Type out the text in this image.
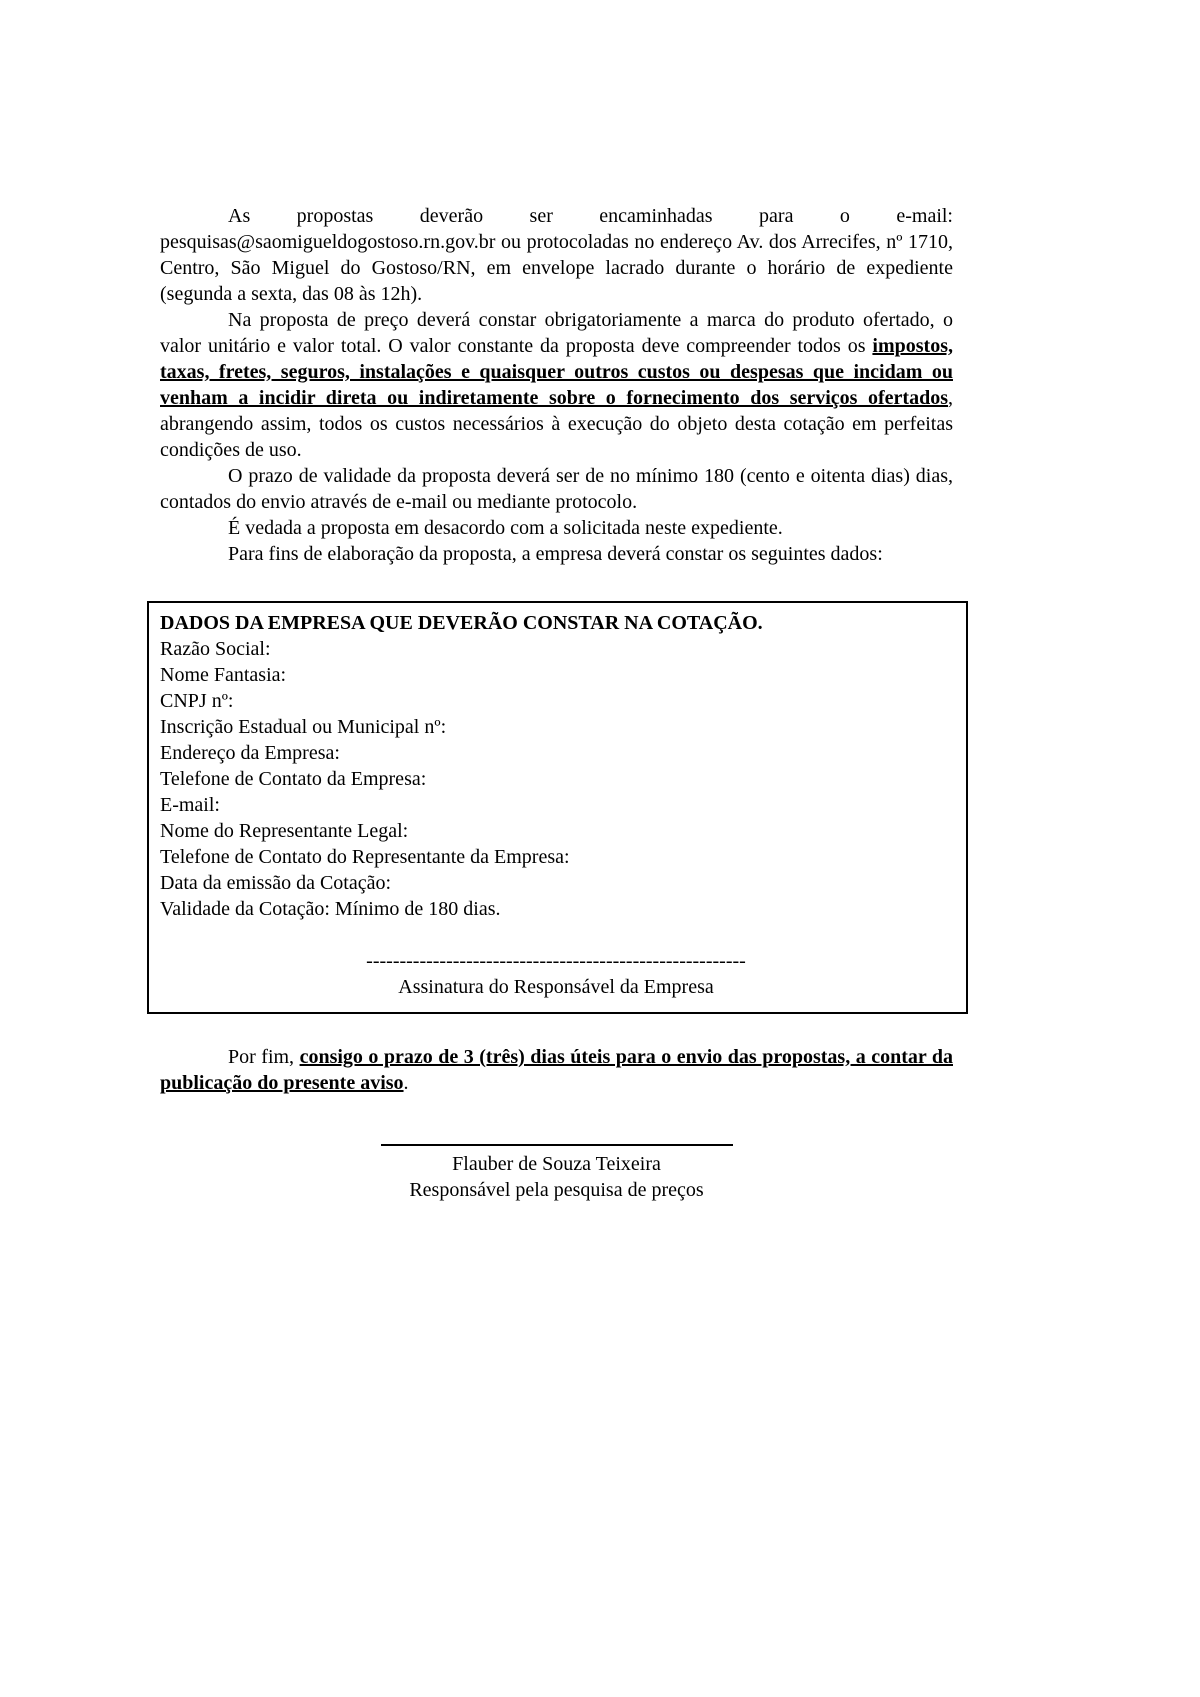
As propostas deverão ser encaminhadas para o e-mail: pesquisas@saomigueldogostoso.rn.gov.br ou protocoladas no endereço Av. dos Arrecifes, nº 1710, Centro, São Miguel do Gostoso/RN, em envelope lacrado durante o horário de expediente (segunda a sexta, das 08 às 12h).

Na proposta de preço deverá constar obrigatoriamente a marca do produto ofertado, o valor unitário e valor total. O valor constante da proposta deve compreender todos os impostos, taxas, fretes, seguros, instalações e quaisquer outros custos ou despesas que incidam ou venham a incidir direta ou indiretamente sobre o fornecimento dos serviços ofertados, abrangendo assim, todos os custos necessários à execução do objeto desta cotação em perfeitas condições de uso.

O prazo de validade da proposta deverá ser de no mínimo 180 (cento e oitenta dias) dias, contados do envio através de e-mail ou mediante protocolo.

É vedada a proposta em desacordo com a solicitada neste expediente.

Para fins de elaboração da proposta, a empresa deverá constar os seguintes dados:

DADOS DA EMPRESA QUE DEVERÃO CONSTAR NA COTAÇÃO.
Razão Social:
Nome Fantasia:
CNPJ nº:
Inscrição Estadual ou Municipal nº:
Endereço da Empresa:
Telefone de Contato da Empresa:
E-mail:
Nome do Representante Legal:
Telefone de Contato do Representante da Empresa:
Data da emissão da Cotação:
Validade da Cotação: Mínimo de 180 dias.
---------------------------------------------------------
Assinatura do Responsável da Empresa

Por fim, consigo o prazo de 3 (três) dias úteis para o envio das propostas, a contar da publicação do presente aviso.

Flauber de Souza Teixeira
Responsável pela pesquisa de preços
